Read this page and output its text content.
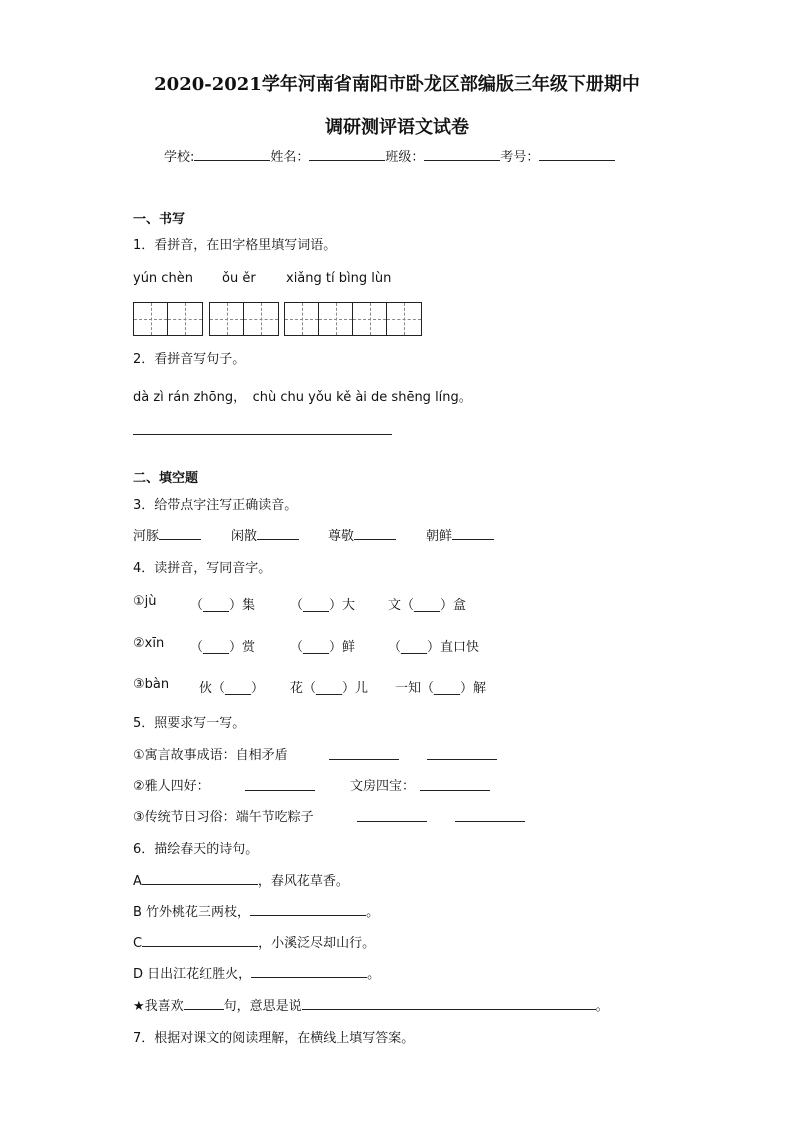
2020-2021学年河南省南阳市卧龙区部编版三年级下册期中
调研测评语文试卷
学校:	姓名：	班级：	考号：
一、书写
1．看拼音，在田字格里填写词语。
yún chèn ǒu ěr xiǎng tí bìng lùn
2．看拼音写句子。
dà zì rán zhōng，　chù chu yǒu kě ài de shēng líng。
二、填空题
3．给带点字注写正确读音。
河豚	闲散	尊敬	朝鲜
4．读拼音，写同音字。
①jù	（____）集	（____）大	文（____）盒
②xīn （____）赏	（____）鲜	（____）直口快
③bàn 伙（____） 花（____）儿 一知（____）解
5．照要求写一写。
①寓言故事成语：自相矛盾
②雅人四好：	文房四宝：
③传统节日习俗：端午节吃粽子
6．描绘春天的诗句。
A	，春风花草香。
B 竹外桃花三两枝，	。
C	，小溪泛尽却山行。
D 日出江花红胜火，	。
★我喜欢	句，意思是说	。
7．根据对课文的阅读理解，在横线上填写答案。
